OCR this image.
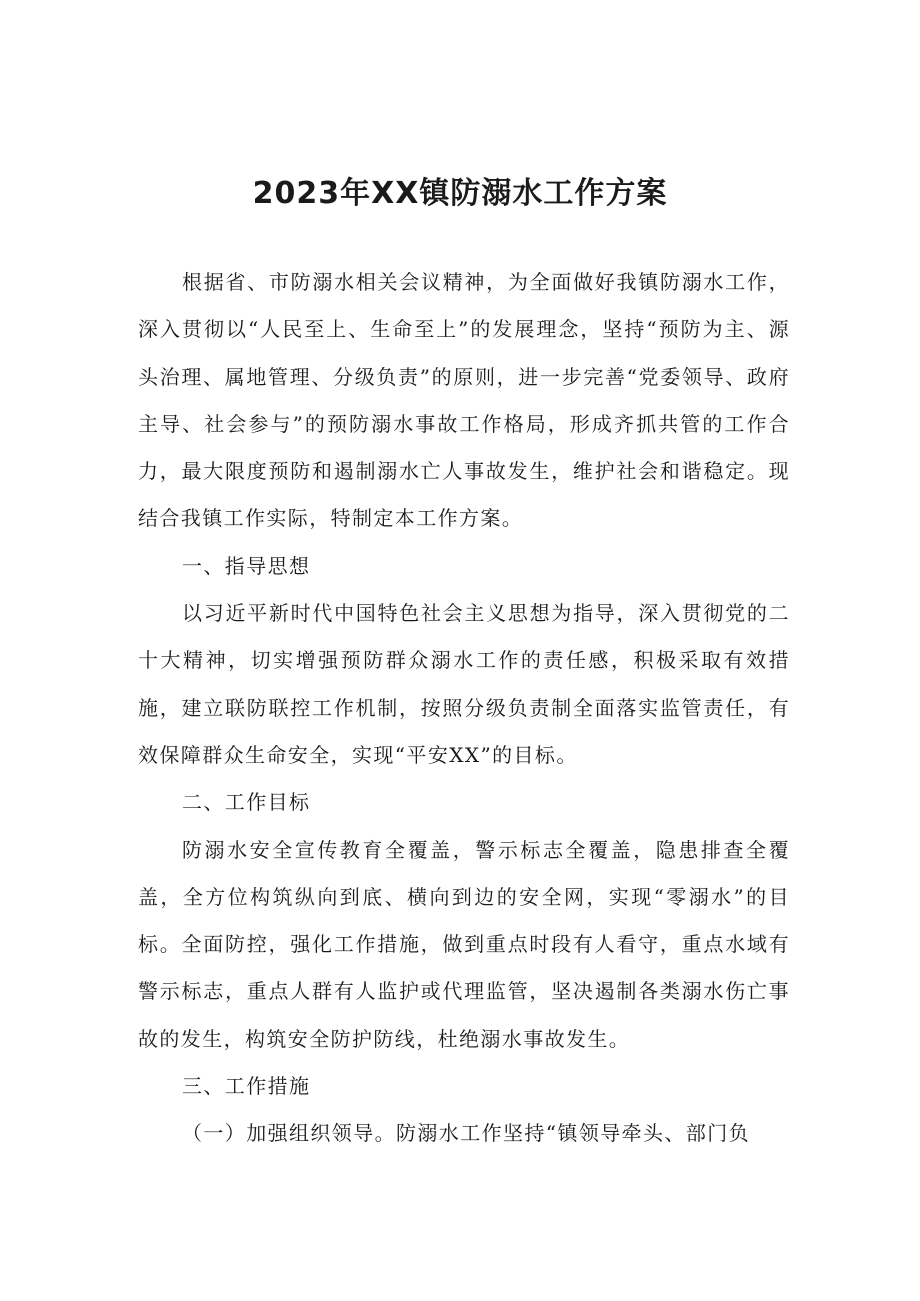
2023年XX镇防溺水工作方案

根据省、市防溺水相关会议精神，为全面做好我镇防溺水工作，深入贯彻以“人民至上、生命至上”的发展理念，坚持“预防为主、源头治理、属地管理、分级负责”的原则，进一步完善“党委领导、政府主导、社会参与”的预防溺水事故工作格局，形成齐抓共管的工作合力，最大限度预防和遏制溺水亡人事故发生，维护社会和谐稳定。现结合我镇工作实际，特制定本工作方案。

一、指导思想

以习近平新时代中国特色社会主义思想为指导，深入贯彻党的二十大精神，切实增强预防群众溺水工作的责任感，积极采取有效措施，建立联防联控工作机制，按照分级负责制全面落实监管责任，有效保障群众生命安全，实现“平安XX”的目标。

二、工作目标

防溺水安全宣传教育全覆盖，警示标志全覆盖，隐患排查全覆盖，全方位构筑纵向到底、横向到边的安全网，实现“零溺水”的目标。全面防控，强化工作措施，做到重点时段有人看守，重点水域有警示标志，重点人群有人监护或代理监管，坚决遏制各类溺水伤亡事故的发生，构筑安全防护防线，杜绝溺水事故发生。

三、工作措施

（一）加强组织领导。防溺水工作坚持“镇领导牵头、部门负
